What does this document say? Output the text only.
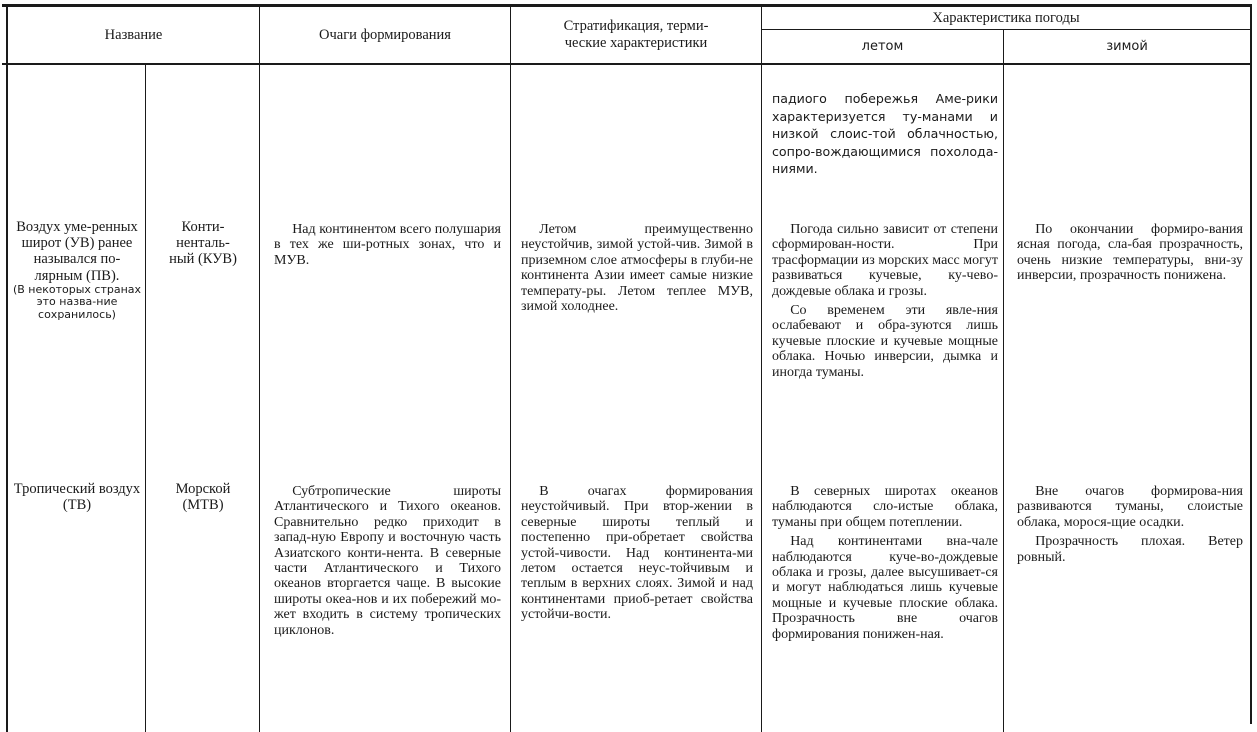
Название	Очаги формирования
Стратификация, терми-
ческие характеристики
Характеристика погоды
летом	зимой
падиого побережья Аме-рики характеризуется ту-манами и низкой слоис-той облачностью, сопро-вождающимися похолода-ниями.
Воздух уме-ренных широт (УВ) ранее назывался по-лярным (ПВ).
(В некоторых странах это назва-ние сохранилось)
Конти-
ненталь-
ный (КУВ)

Над континентом всего полушария в тех же ши-ротных зонах, что и МУВ.

Летом преимущественно неустойчив, зимой устой-чив. Зимой в приземном слое атмосферы в глуби-не континента Азии имеет самые низкие температу-ры. Летом теплее МУВ, зимой холоднее.

Погода сильно зависит от степени сформирован-ности. При трасформации из морских масс могут развиваться кучевые, ку-чево-дождевые облака и грозы.

Со временем эти явле-ния ослабевают и обра-зуются лишь кучевые плоские и кучевые мощные облака. Ночью инверсии, дымка и иногда туманы.

По окончании формиро-вания ясная погода, сла-бая прозрачность, очень низкие температуры, вни-зу инверсии, прозрачность понижена.

Тропический воздух (ТВ)
Морской
(МТВ)

Субтропические широты Атлантического и Тихого океанов. Сравнительно редко приходит в запад-ную Европу и восточную часть Азиатского конти-нента. В северные части Атлантического и Тихого океанов вторгается чаще. В высокие широты океа-нов и их побережий мо-жет входить в систему тропических циклонов.

В очагах формирования неустойчивый. При втор-жении в северные широты теплый и постепенно при-обретает свойства устой-чивости. Над континента-ми летом остается неус-тойчивым и теплым в верхних слоях. Зимой и над континентами приоб-ретает свойства устойчи-вости.

В северных широтах океанов наблюдаются сло-истые облака, туманы при общем потеплении.

Над континентами вна-чале наблюдаются куче-во-дождевые облака и грозы, далее высушивает-ся и могут наблюдаться лишь кучевые мощные и кучевые плоские облака. Прозрачность вне очагов формирования понижен-ная.

Вне очагов формирова-ния развиваются туманы, слоистые облака, морося-щие осадки.

Прозрачность плохая. Ветер ровный.
